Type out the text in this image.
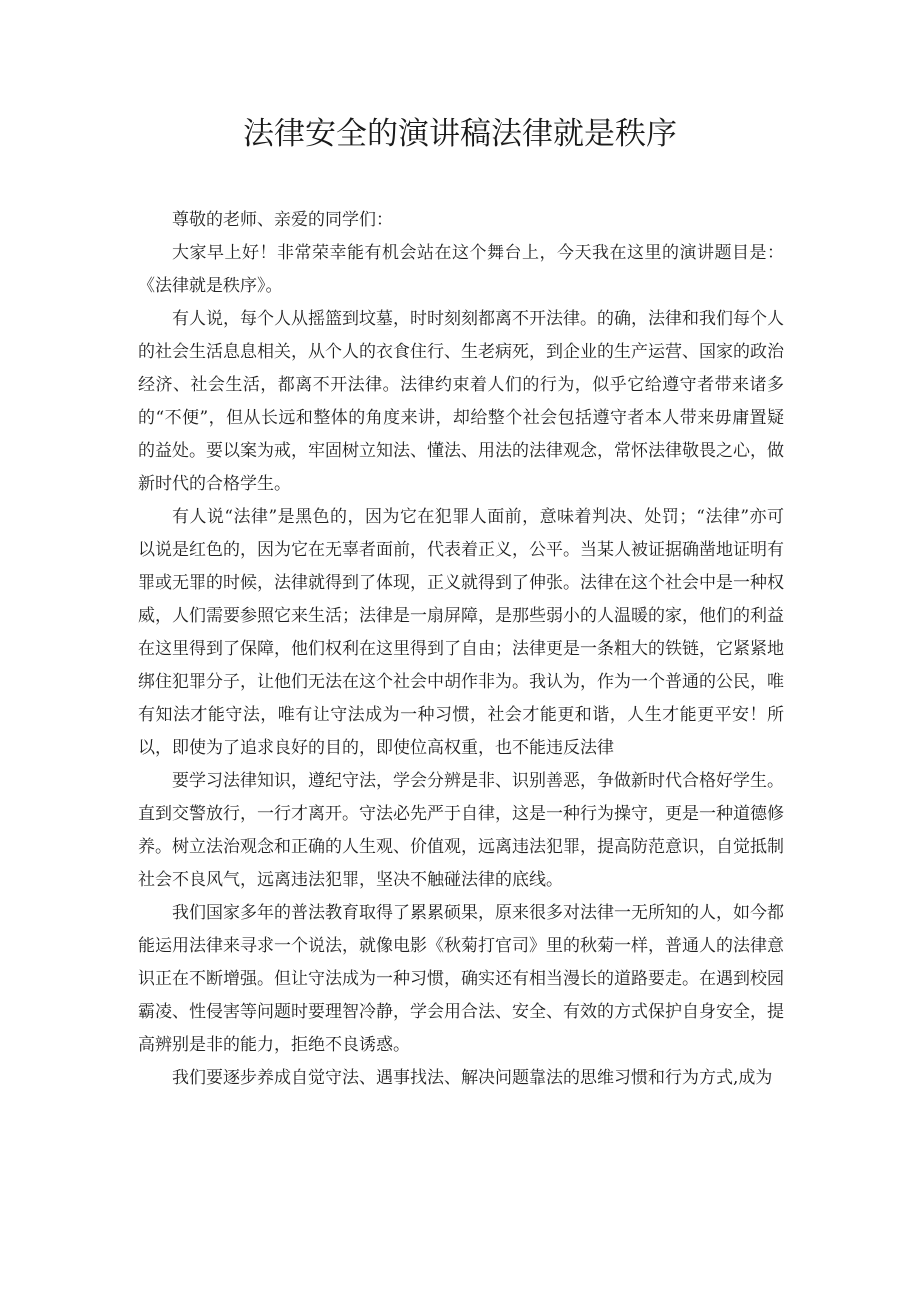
法律安全的演讲稿法律就是秩序

尊敬的老师、亲爱的同学们：

大家早上好！非常荣幸能有机会站在这个舞台上，今天我在这里的演讲题目是：《法律就是秩序》。

有人说，每个人从摇篮到坟墓，时时刻刻都离不开法律。的确，法律和我们每个人的社会生活息息相关，从个人的衣食住行、生老病死，到企业的生产运营、国家的政治经济、社会生活，都离不开法律。法律约束着人们的行为，似乎它给遵守者带来诸多的“不便”，但从长远和整体的角度来讲，却给整个社会包括遵守者本人带来毋庸置疑的益处。要以案为戒，牢固树立知法、懂法、用法的法律观念，常怀法律敬畏之心，做新时代的合格学生。

有人说“法律”是黑色的，因为它在犯罪人面前，意味着判决、处罚；“法律”亦可以说是红色的，因为它在无辜者面前，代表着正义，公平。当某人被证据确凿地证明有罪或无罪的时候，法律就得到了体现，正义就得到了伸张。法律在这个社会中是一种权威，人们需要参照它来生活；法律是一扇屏障，是那些弱小的人温暖的家，他们的利益在这里得到了保障，他们权利在这里得到了自由；法律更是一条粗大的铁链，它紧紧地绑住犯罪分子，让他们无法在这个社会中胡作非为。我认为，作为一个普通的公民，唯有知法才能守法，唯有让守法成为一种习惯，社会才能更和谐，人生才能更平安！所以，即使为了追求良好的目的，即使位高权重，也不能违反法律

要学习法律知识，遵纪守法，学会分辨是非、识别善恶，争做新时代合格好学生。直到交警放行，一行才离开。守法必先严于自律，这是一种行为操守，更是一种道德修养。树立法治观念和正确的人生观、价值观，远离违法犯罪，提高防范意识，自觉抵制社会不良风气，远离违法犯罪，坚决不触碰法律的底线。

我们国家多年的普法教育取得了累累硕果，原来很多对法律一无所知的人，如今都能运用法律来寻求一个说法，就像电影《秋菊打官司》里的秋菊一样，普通人的法律意识正在不断增强。但让守法成为一种习惯，确实还有相当漫长的道路要走。在遇到校园霸凌、性侵害等问题时要理智冷静，学会用合法、安全、有效的方式保护自身安全，提高辨别是非的能力，拒绝不良诱惑。

我们要逐步养成自觉守法、遇事找法、解决问题靠法的思维习惯和行为方式,成为
